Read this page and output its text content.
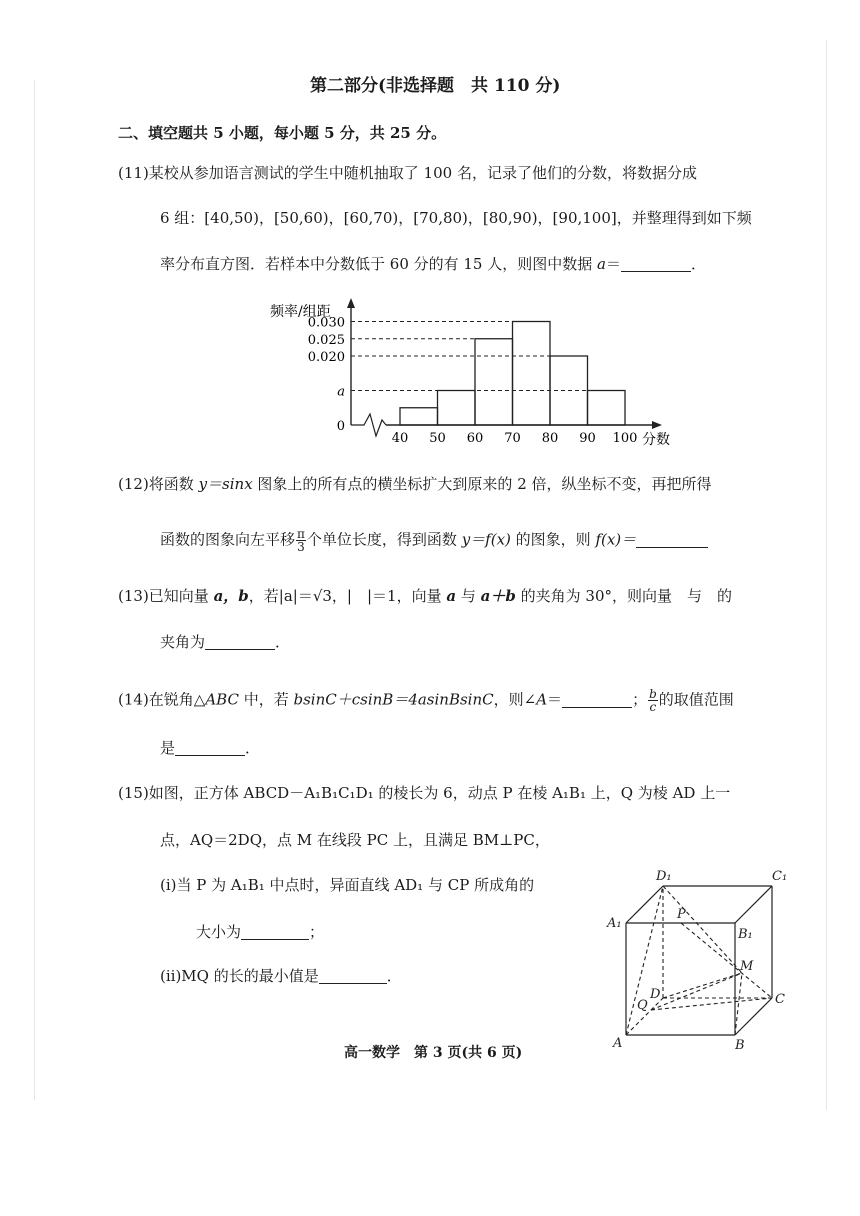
第二部分(非选择题　共 110 分)
二、填空题共 5 小题，每小题 5 分，共 25 分。
(11)某校从参加语言测试的学生中随机抽取了 100 名，记录了他们的分数，将数据分成
6 组：[40,50)，[50,60)，[60,70)，[70,80)，[80,90)，[90,100]，并整理得到如下频
率分布直方图．若样本中分数低于 60 分的有 15 人，则图中数据 a＝	．
频率/组距
分数
0
a
0.020
0.025
0.030
40 50 60 70 80 90 100
(12)将函数 y＝sinx 图象上的所有点的横坐标扩大到原来的 2 倍，纵坐标不变，再把所得
函数的图象向左平移 $\frac{\pi}{3}$ 个单位长度，得到函数 y＝f(x) 的图象，则 f(x)＝
(13)已知向量 a，b，若|a|＝√3，|　|＝1，向量 a 与 a＋b 的夹角为 30°，则向量　与　的
夹角为	．
(14)在锐角△ABC 中，若 bsinC＋csinB＝4asinBsinC，则∠A＝	； $\frac{b}{c}$ 的取值范围
是	．
(15)如图，正方体 ABCD－A₁B₁C₁D₁ 的棱长为 6，动点 P 在棱 A₁B₁ 上，Q 为棱 AD 上一
点，AQ＝2DQ，点 M 在线段 PC 上，且满足 BM⊥PC，
(ⅰ)当 P 为 A₁B₁ 中点时，异面直线 AD₁ 与 CP 所成角的
大小为	；
(ⅱ)MQ 的长的最小值是	．
D₁	C₁
A₁
P
B₁
M
D	C
Q
A	B
高一数学　第 3 页(共 6 页)
